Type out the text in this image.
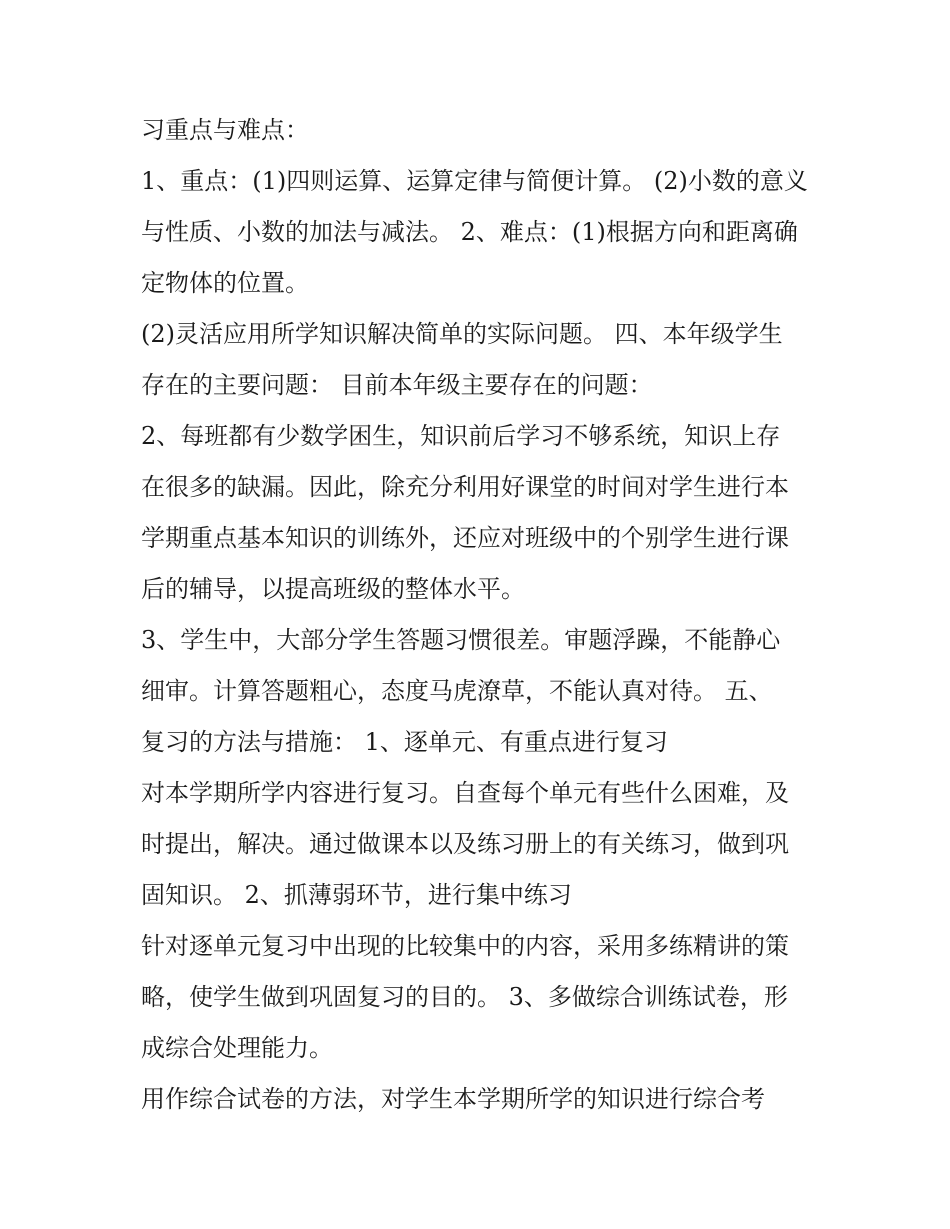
习重点与难点：
1、重点：(1)四则运算、运算定律与简便计算。 (2)小数的意义
与性质、小数的加法与减法。 2、难点：(1)根据方向和距离确
定物体的位置。
(2)灵活应用所学知识解决简单的实际问题。 四、本年级学生
存在的主要问题： 目前本年级主要存在的问题：
2、每班都有少数学困生，知识前后学习不够系统，知识上存
在很多的缺漏。因此，除充分利用好课堂的时间对学生进行本
学期重点基本知识的训练外，还应对班级中的个别学生进行课
后的辅导，以提高班级的整体水平。
3、学生中，大部分学生答题习惯很差。审题浮躁，不能静心
细审。计算答题粗心，态度马虎潦草，不能认真对待。 五、
复习的方法与措施： 1、逐单元、有重点进行复习
对本学期所学内容进行复习。自查每个单元有些什么困难，及
时提出，解决。通过做课本以及练习册上的有关练习，做到巩
固知识。 2、抓薄弱环节，进行集中练习
针对逐单元复习中出现的比较集中的内容，采用多练精讲的策
略，使学生做到巩固复习的目的。 3、多做综合训练试卷，形
成综合处理能力。
用作综合试卷的方法，对学生本学期所学的知识进行综合考
